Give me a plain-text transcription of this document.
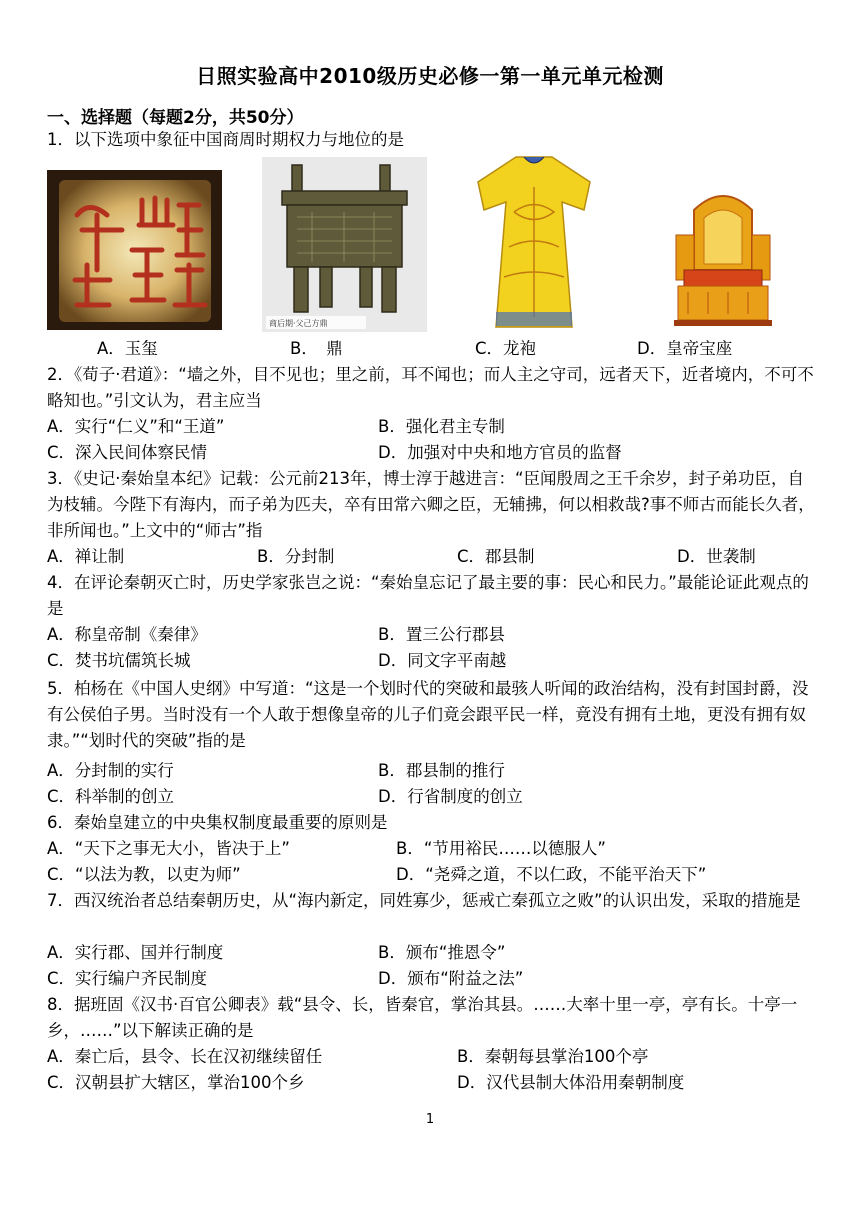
日照实验高中2010级历史必修一第一单元单元检测
一、选择题（每题2分，共50分）
1．以下选项中象征中国商周时期权力与地位的是
商后期·父己方鼎
A．玉玺	B．　鼎	C．龙袍	D．皇帝宝座
2．《荀子·君道》：“墙之外，目不见也；里之前，耳不闻也；而人主之守司，远者天下，近者境内，不可不略知也。”引文认为，君主应当
A．实行“仁义”和“王道”	B．强化君主专制
C．深入民间体察民情	D．加强对中央和地方官员的监督
3．《史记·秦始皇本纪》记载：公元前213年，博士淳于越进言：“臣闻殷周之王千余岁，封子弟功臣，自为枝辅。今陛下有海内，而子弟为匹夫，卒有田常六卿之臣，无辅拂，何以相救哉?事不师古而能长久者，非所闻也。”上文中的“师古”指
A．禅让制	B．分封制	C．郡县制	D．世袭制
4．在评论秦朝灭亡时，历史学家张岂之说：“秦始皇忘记了最主要的事：民心和民力。”最能论证此观点的是
A．称皇帝制《秦律》	B．置三公行郡县
C．焚书坑儒筑长城	D．同文字平南越
5．柏杨在《中国人史纲》中写道：“这是一个划时代的突破和最骇人听闻的政治结构，没有封国封爵，没有公侯伯子男。当时没有一个人敢于想像皇帝的儿子们竟会跟平民一样，竟没有拥有土地，更没有拥有奴隶。”“划时代的突破”指的是
A．分封制的实行	B．郡县制的推行
C．科举制的创立	D．行省制度的创立
6．秦始皇建立的中央集权制度最重要的原则是
A．“天下之事无大小，皆决于上”	B．“节用裕民……以德服人”
C．“以法为教，以吏为师”	D．“尧舜之道，不以仁政，不能平治天下”
7．西汉统治者总结秦朝历史，从“海内新定，同姓寡少，惩戒亡秦孤立之败”的认识出发，采取的措施是
A．实行郡、国并行制度	B．颁布“推恩令”
C．实行编户齐民制度	D．颁布“附益之法”
8．据班固《汉书·百官公卿表》载“县令、长，皆秦官，掌治其县。……大率十里一亭，亭有长。十亭一乡，……”以下解读正确的是
A．秦亡后，县令、长在汉初继续留任	B．秦朝每县掌治100个亭
C．汉朝县扩大辖区，掌治100个乡	D．汉代县制大体沿用秦朝制度
1
